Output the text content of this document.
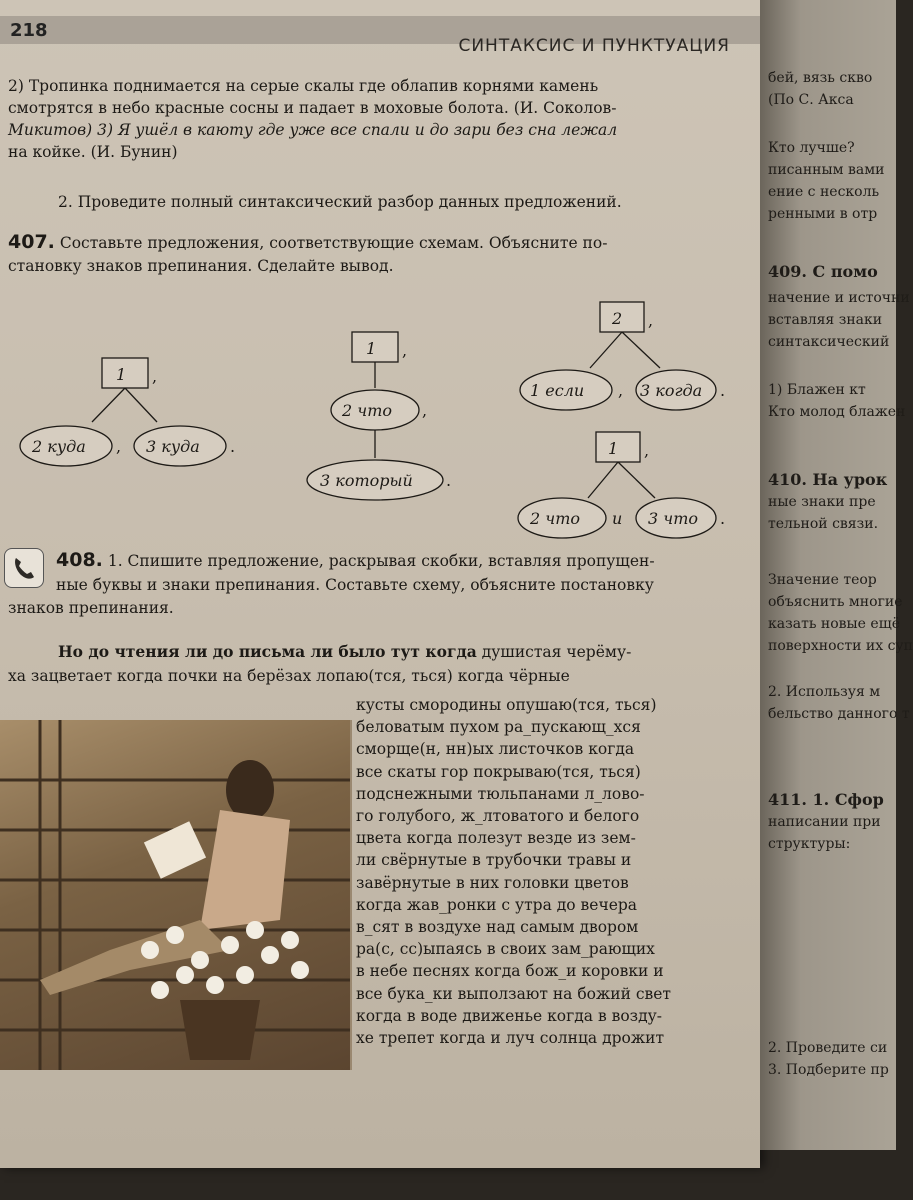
218
СИНТАКСИС И ПУНКТУАЦИЯ
2) Тропинка поднимается на серые скалы где облапив корнями камень
смотрятся в небо красные сосны и падает в моховые болота. (И. Соколов-
Микитов) 3) Я ушёл в каюту где уже все спали и до зари без сна лежал
на койке. (И. Бунин)
2. Проведите полный синтаксический разбор данных предложений.
407. Составьте предложения, соответствующие схемам. Объясните по-
становку знаков препинания. Сделайте вывод.
1 ,
2 куда , 3 куда .
1 ,
2 что ,
3 который .
2 ,
1 если , 3 когда .
1 ,
2 что и 3 что .
408. 1. Спишите предложение, раскрывая скобки, вставляя пропущен-
ные буквы и знаки препинания. Составьте схему, объясните постановку
знаков препинания.
Но до чтения ли до письма ли было тут когда душистая черёму-
ха зацветает когда почки на берёзах лопаю(тся, ться) когда чёрные
кусты смородины опушаю(тся, ться)
беловатым пухом ра_пускающ_хся
сморще(н, нн)ых листочков когда
все скаты гор покрываю(тся, ться)
подснежными тюльпанами л_лово-
го голубого, ж_лтоватого и белого
цвета когда полезут везде из зем-
ли свёрнутые в трубочки травы и
завёрнутые в них головки цветов
когда жав_ронки с утра до вечера
в_сят в воздухе над самым двором
ра(с, сс)ыпаясь в своих зам_рающих
в небе песнях когда бож_и коровки и
все бука_ки выползают на божий свет
когда в воде движенье когда в возду-
хе трепет когда и луч солнца дрожит
бей, вязь скво
(По С. Акса
Кто лучше?
писанным вами
ение с несколь
ренными в отр
409. С помо
начение и источни
вставляя знаки
синтаксический
1) Блажен кт
Кто молод блажен
410. На урок
ные знаки пре
тельной связи.
Значение теор
объяснить многие
казать новые ещё
поверхности их суп
2. Используя м
бельство данного т
411. 1. Сфор
написании при
структуры:
2. Проведите си
3. Подберите пр
